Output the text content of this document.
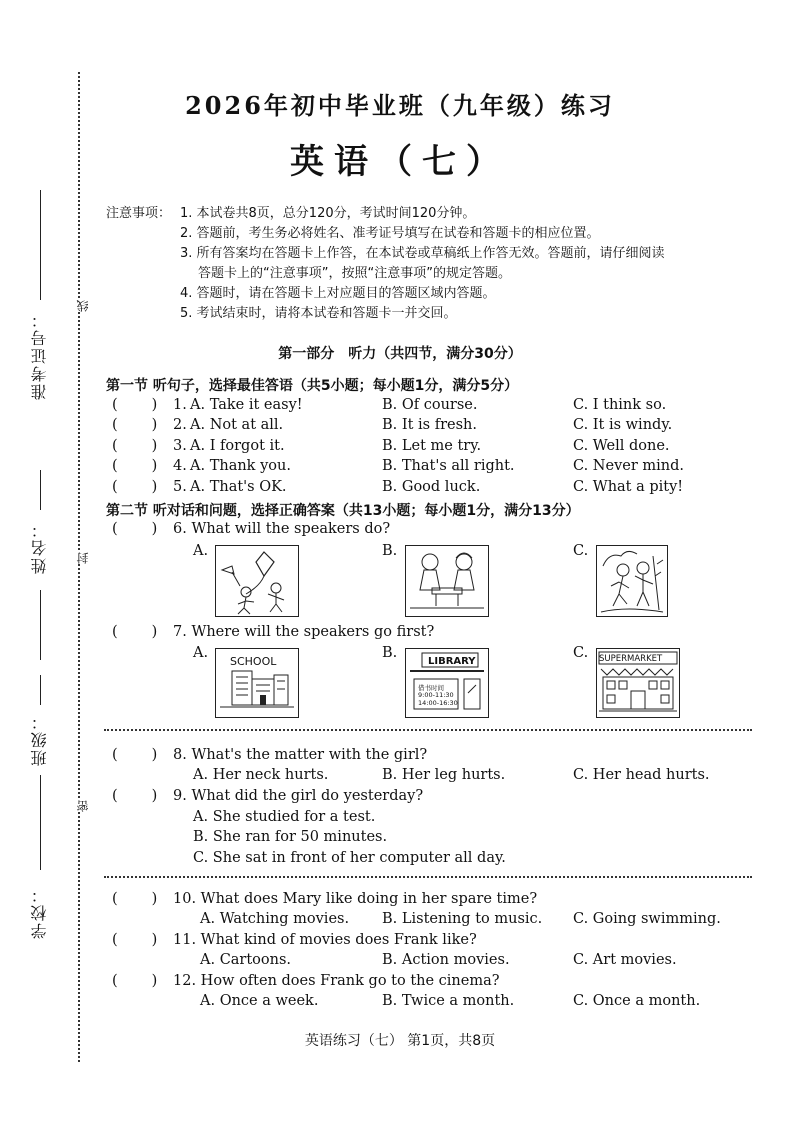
线
封
密
准考证号：
姓名：
班级：
学校：
2026年初中毕业班（九年级）练习
英语（七）
注意事项： 1. 本试卷共8页，总分120分，考试时间120分钟。
2. 答题前，考生务必将姓名、准考证号填写在试卷和答题卡的相应位置。
3. 所有答案均在答题卡上作答，在本试卷或草稿纸上作答无效。答题前，请仔细阅读
答题卡上的“注意事项”，按照“注意事项”的规定答题。
4. 答题时，请在答题卡上对应题目的答题区域内答题。
5. 考试结束时，请将本试卷和答题卡一并交回。
第一部分　听力（共四节，满分30分）
第一节 听句子，选择最佳答语（共5小题；每小题1分，满分5分）
( ) 1. A. Take it easy!	B. Of course.	C. I think so.
( ) 2. A. Not at all.	B. It is fresh.	C. It is windy.
( ) 3. A. I forgot it.	B. Let me try.	C. Well done.
( ) 4. A. Thank you.	B. That's all right.	C. Never mind.
( ) 5. A. That's OK.	B. Good luck.	C. What a pity!
第二节 听对话和问题，选择正确答案（共13小题；每小题1分，满分13分）
( ) 6. What will the speakers do?
A.	B.	C.
( ) 7. Where will the speakers go first?
A.	B.	C.
SCHOOL	LIBRARY
借书时间
9:00-11:30
14:00-16:30
SUPERMARKET
( ) 8. What's the matter with the girl?
A. Her neck hurts.	B. Her leg hurts.	C. Her head hurts.
( ) 9. What did the girl do yesterday?
A. She studied for a test.
B. She ran for 50 minutes.
C. She sat in front of her computer all day.
( ) 10. What does Mary like doing in her spare time?
A. Watching movies. B. Listening to music. C. Going swimming.
( ) 11. What kind of movies does Frank like?
A. Cartoons.	B. Action movies.	C. Art movies.
( ) 12. How often does Frank go to the cinema?
A. Once a week.	B. Twice a month.	C. Once a month.
英语练习（七） 第1页，共8页
